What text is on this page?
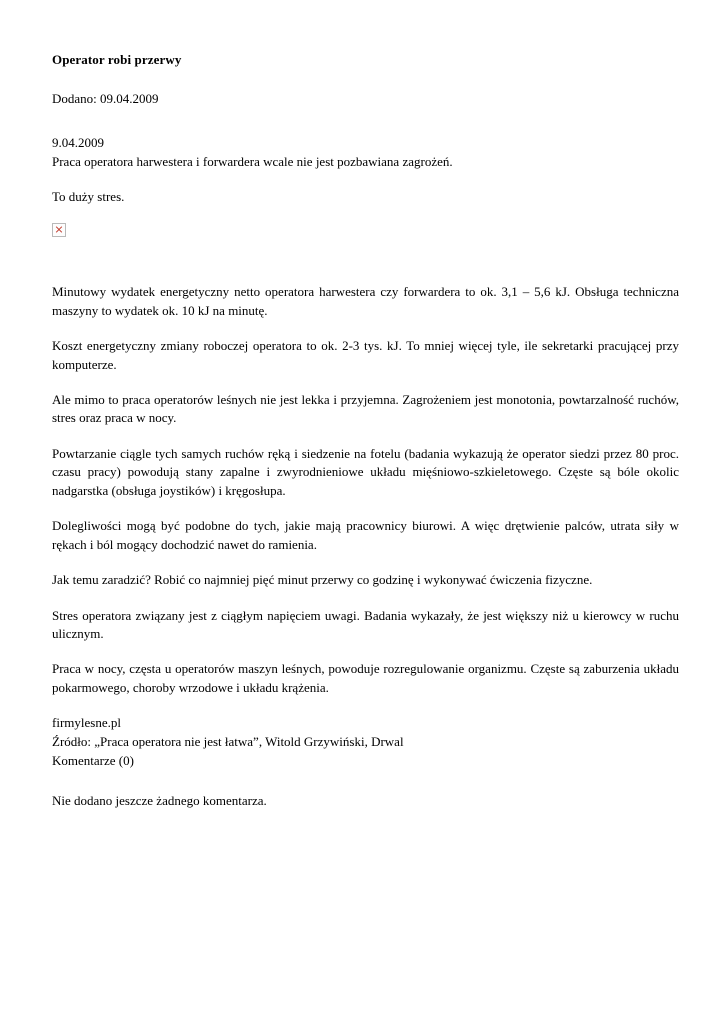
Operator robi przerwy
Dodano: 09.04.2009
9.04.2009
Praca operatora harwestera i forwardera wcale nie jest pozbawiana zagrożeń.
To duży stres.

Minutowy wydatek energetyczny netto operatora harwestera czy forwardera to ok. 3,1 – 5,6 kJ. Obsługa techniczna maszyny to wydatek ok. 10 kJ na minutę.

Koszt energetyczny zmiany roboczej operatora to ok. 2-3 tys. kJ. To mniej więcej tyle, ile sekretarki pracującej przy komputerze.

Ale mimo to praca operatorów leśnych nie jest lekka i przyjemna. Zagrożeniem jest monotonia, powtarzalność ruchów, stres oraz praca w nocy.

Powtarzanie ciągle tych samych ruchów ręką i siedzenie na fotelu (badania wykazują że operator siedzi przez 80 proc. czasu pracy) powodują stany zapalne i zwyrodnieniowe układu mięśniowo-szkieletowego. Częste są bóle okolic nadgarstka (obsługa joystików) i kręgosłupa.

Dolegliwości mogą być podobne do tych, jakie mają pracownicy biurowi. A więc drętwienie palców, utrata siły w rękach i ból mogący dochodzić nawet do ramienia.

Jak temu zaradzić? Robić co najmniej pięć minut przerwy co godzinę i wykonywać ćwiczenia fizyczne.

Stres operatora związany jest z ciągłym napięciem uwagi. Badania wykazały, że jest większy niż u kierowcy w ruchu ulicznym.

Praca w nocy, częsta u operatorów maszyn leśnych, powoduje rozregulowanie organizmu. Częste są zaburzenia układu pokarmowego, choroby wrzodowe i układu krążenia.

firmylesne.pl
Źródło: „Praca operatora nie jest łatwa”, Witold Grzywiński, Drwal
Komentarze (0)
Nie dodano jeszcze żadnego komentarza.
